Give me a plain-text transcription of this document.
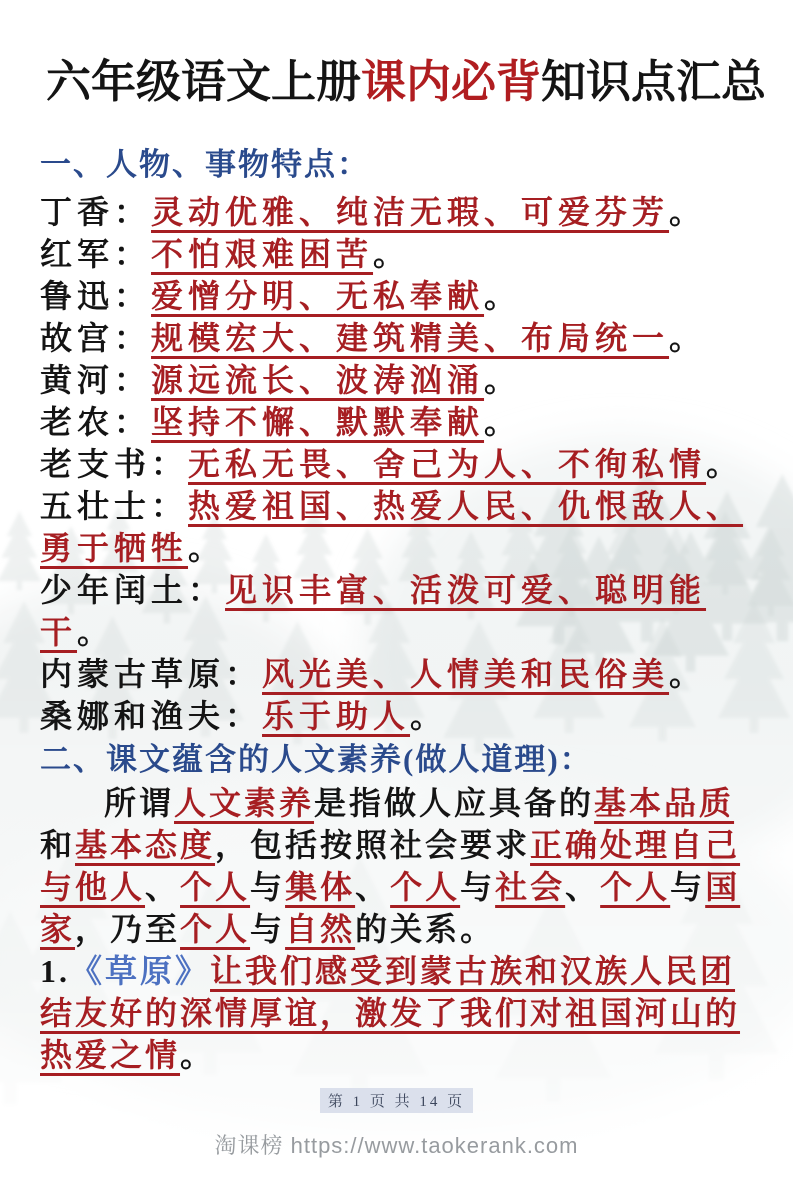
六年级语文上册课内必背知识点汇总
一、人物、事物特点：

丁香：灵动优雅、纯洁无瑕、可爱芬芳。

红军：不怕艰难困苦。

鲁迅：爱憎分明、无私奉献。

故宫：规模宏大、建筑精美、布局统一。

黄河：源远流长、波涛汹涌。

老农：坚持不懈、默默奉献。

老支书：无私无畏、舍己为人、不徇私情。

五壮士：热爱祖国、热爱人民、仇恨敌人、勇于牺牲。

少年闰土：见识丰富、活泼可爱、聪明能干。

内蒙古草原：风光美、人情美和民俗美。

桑娜和渔夫：乐于助人。

二、课文蕴含的人文素养(做人道理)：

所谓人文素养是指做人应具备的基本品质和基本态度，包括按照社会要求正确处理自己与他人、个人与集体、个人与社会、个人与国家，乃至个人与自然的关系。

1.《草原》让我们感受到蒙古族和汉族人民团结友好的深情厚谊，激发了我们对祖国河山的热爱之情。

第 1 页 共 14 页
淘课榜 https://www.taokerank.com
